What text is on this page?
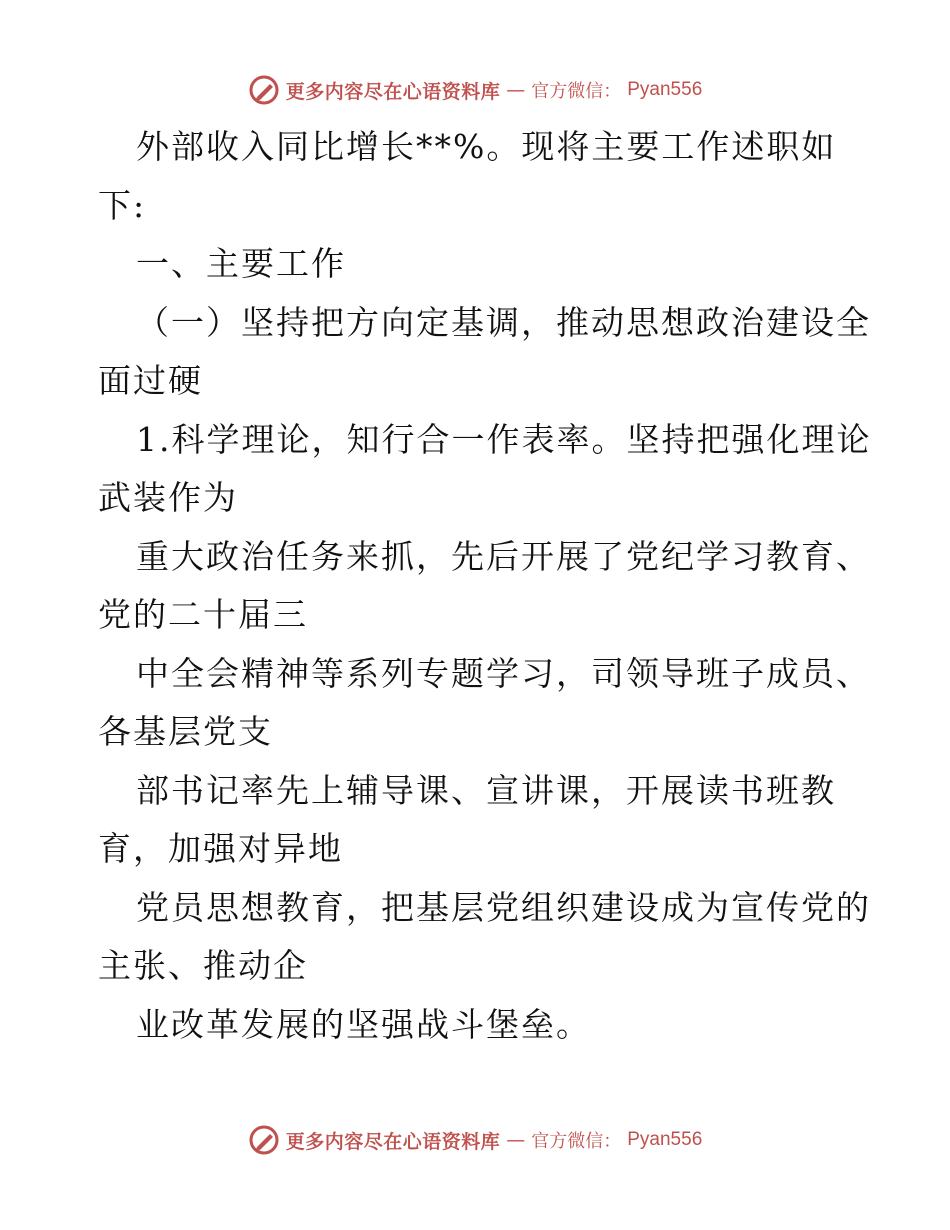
更多内容尽在心语资料库 — 官方微信： Pyan556
外部收入同比增长**%。现将主要工作述职如
下:
一、主要工作
（一）坚持把方向定基调，推动思想政治建设全
面过硬
1.科学理论，知行合一作表率。坚持把强化理论
武装作为
重大政治任务来抓，先后开展了党纪学习教育、
党的二十届三
中全会精神等系列专题学习，司领导班子成员、
各基层党支
部书记率先上辅导课、宣讲课，开展读书班教
育，加强对异地
党员思想教育，把基层党组织建设成为宣传党的
主张、推动企
业改革发展的坚强战斗堡垒。
更多内容尽在心语资料库 — 官方微信： Pyan556
